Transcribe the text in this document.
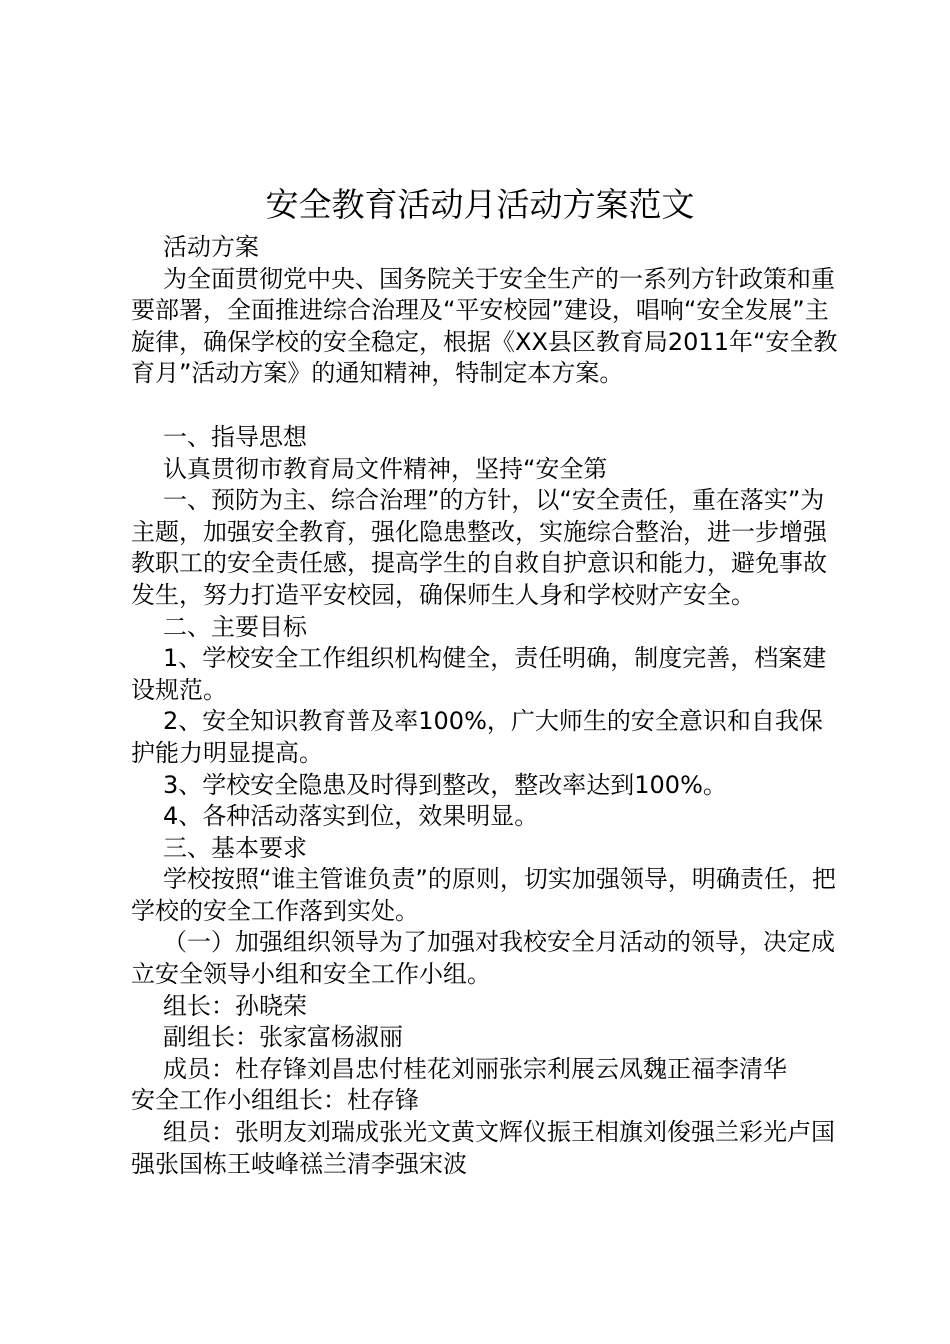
安全教育活动月活动方案范文

活动方案

为全面贯彻党中央、国务院关于安全生产的一系列方针政策和重要部署，全面推进综合治理及“平安校园”建设，唱响“安全发展”主旋律，确保学校的安全稳定，根据《XX县区教育局2011年“安全教育月”活动方案》的通知精神，特制定本方案。

一、指导思想

认真贯彻市教育局文件精神，坚持“安全第

一、预防为主、综合治理”的方针，以“安全责任，重在落实”为主题，加强安全教育，强化隐患整改，实施综合整治，进一步增强教职工的安全责任感，提高学生的自救自护意识和能力，避免事故发生，努力打造平安校园，确保师生人身和学校财产安全。

二、主要目标

1、学校安全工作组织机构健全，责任明确，制度完善，档案建设规范。

2、安全知识教育普及率100%，广大师生的安全意识和自我保护能力明显提高。

3、学校安全隐患及时得到整改，整改率达到100%。

4、各种活动落实到位，效果明显。

三、基本要求

学校按照“谁主管谁负责”的原则，切实加强领导，明确责任，把学校的安全工作落到实处。

（一）加强组织领导为了加强对我校安全月活动的领导，决定成立安全领导小组和安全工作小组。

组长：孙晓荣

副组长：张家富杨淑丽

成员：杜存锋刘昌忠付桂花刘丽张宗利展云凤魏正福李清华

安全工作小组组长：杜存锋

组员：张明友刘瑞成张光文黄文辉仪振王相旗刘俊强兰彩光卢国强张国栋王岐峰禚兰清李强宋波
